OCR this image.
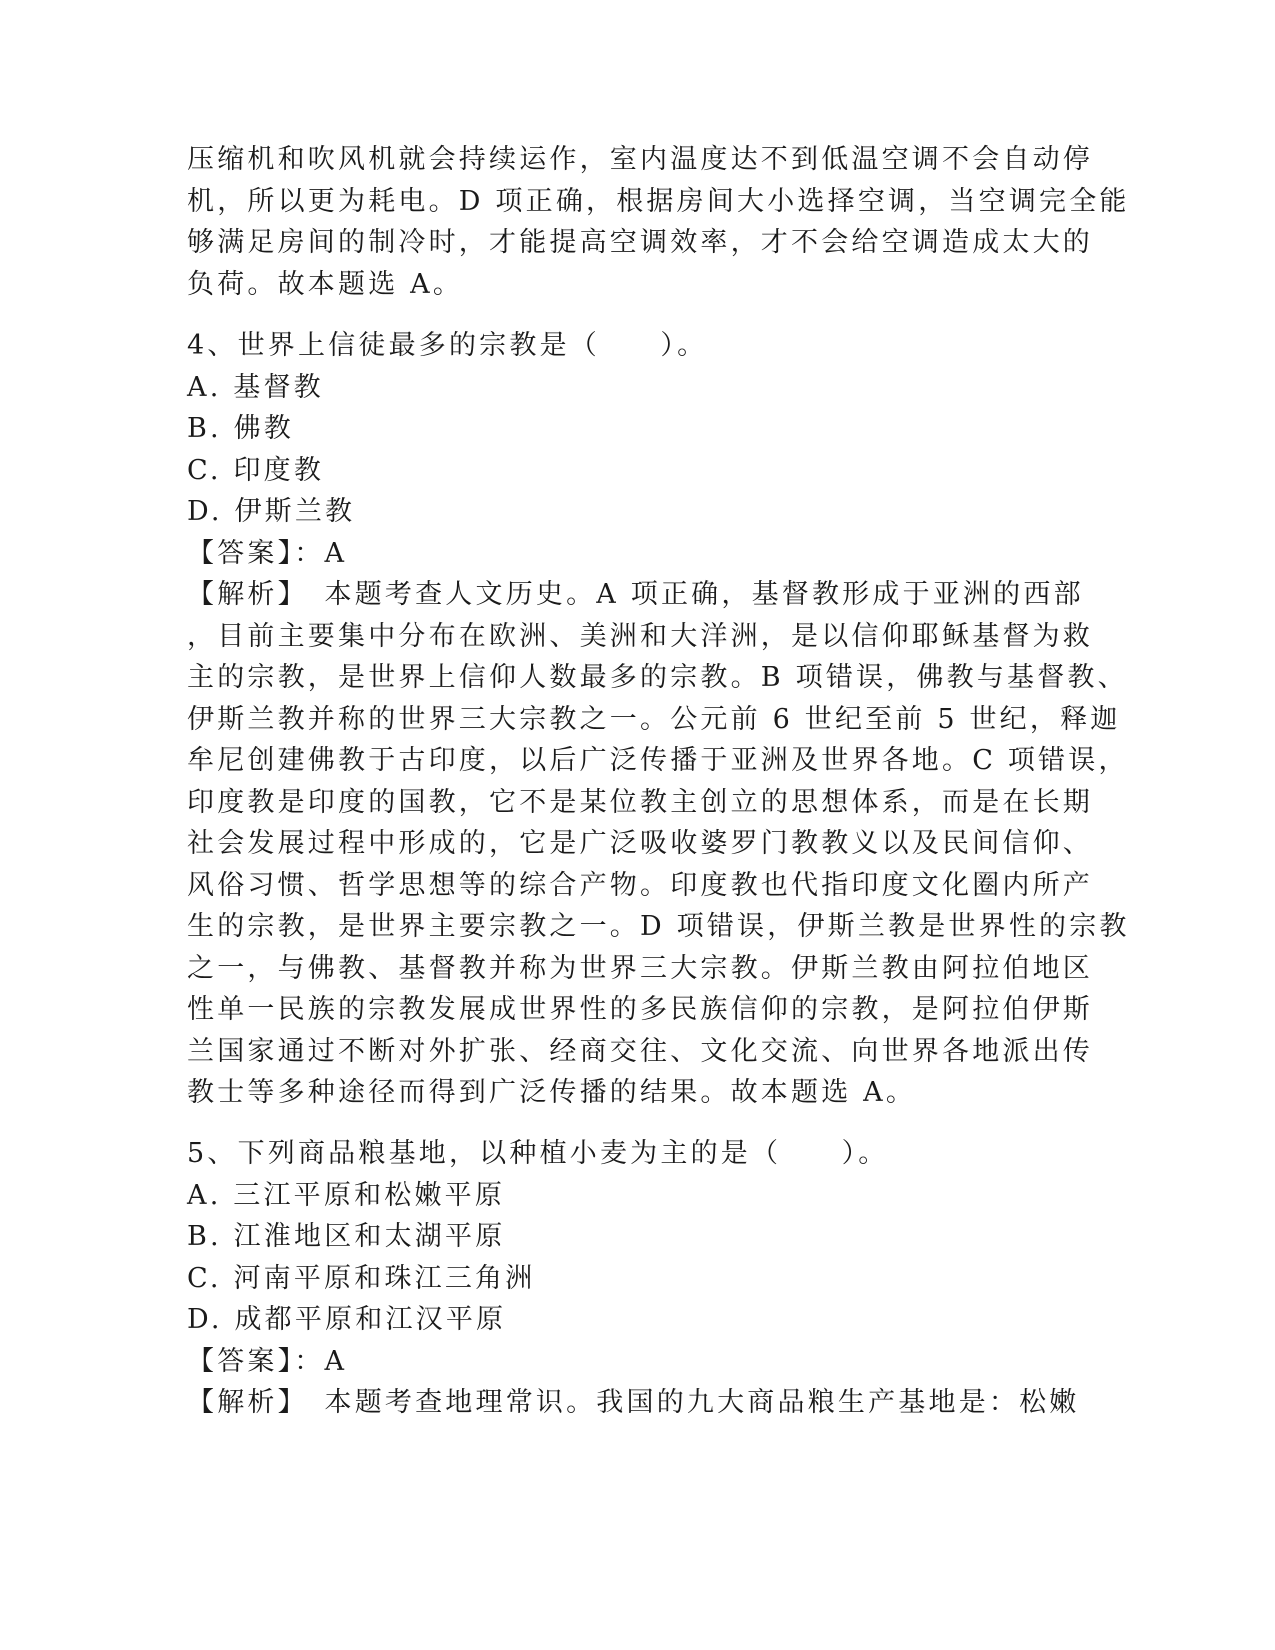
压缩机和吹风机就会持续运作，室内温度达不到低温空调不会自动停
机，所以更为耗电。D 项正确，根据房间大小选择空调，当空调完全能
够满足房间的制冷时，才能提高空调效率，才不会给空调造成太大的
负荷。故本题选 A。
4、世界上信徒最多的宗教是（　　）。
A. 基督教
B. 佛教
C. 印度教
D. 伊斯兰教
【答案】：A
【解析】　本题考查人文历史。A 项正确，基督教形成于亚洲的西部
，目前主要集中分布在欧洲、美洲和大洋洲，是以信仰耶稣基督为救
主的宗教，是世界上信仰人数最多的宗教。B 项错误，佛教与基督教、
伊斯兰教并称的世界三大宗教之一。公元前 6 世纪至前 5 世纪，释迦
牟尼创建佛教于古印度，以后广泛传播于亚洲及世界各地。C 项错误，
印度教是印度的国教，它不是某位教主创立的思想体系，而是在长期
社会发展过程中形成的，它是广泛吸收婆罗门教教义以及民间信仰、
风俗习惯、哲学思想等的综合产物。印度教也代指印度文化圈内所产
生的宗教，是世界主要宗教之一。D 项错误，伊斯兰教是世界性的宗教
之一，与佛教、基督教并称为世界三大宗教。伊斯兰教由阿拉伯地区
性单一民族的宗教发展成世界性的多民族信仰的宗教，是阿拉伯伊斯
兰国家通过不断对外扩张、经商交往、文化交流、向世界各地派出传
教士等多种途径而得到广泛传播的结果。故本题选 A。
5、下列商品粮基地，以种植小麦为主的是（　　）。
A. 三江平原和松嫩平原
B. 江淮地区和太湖平原
C. 河南平原和珠江三角洲
D. 成都平原和江汉平原
【答案】：A
【解析】　本题考查地理常识。我国的九大商品粮生产基地是：松嫩
